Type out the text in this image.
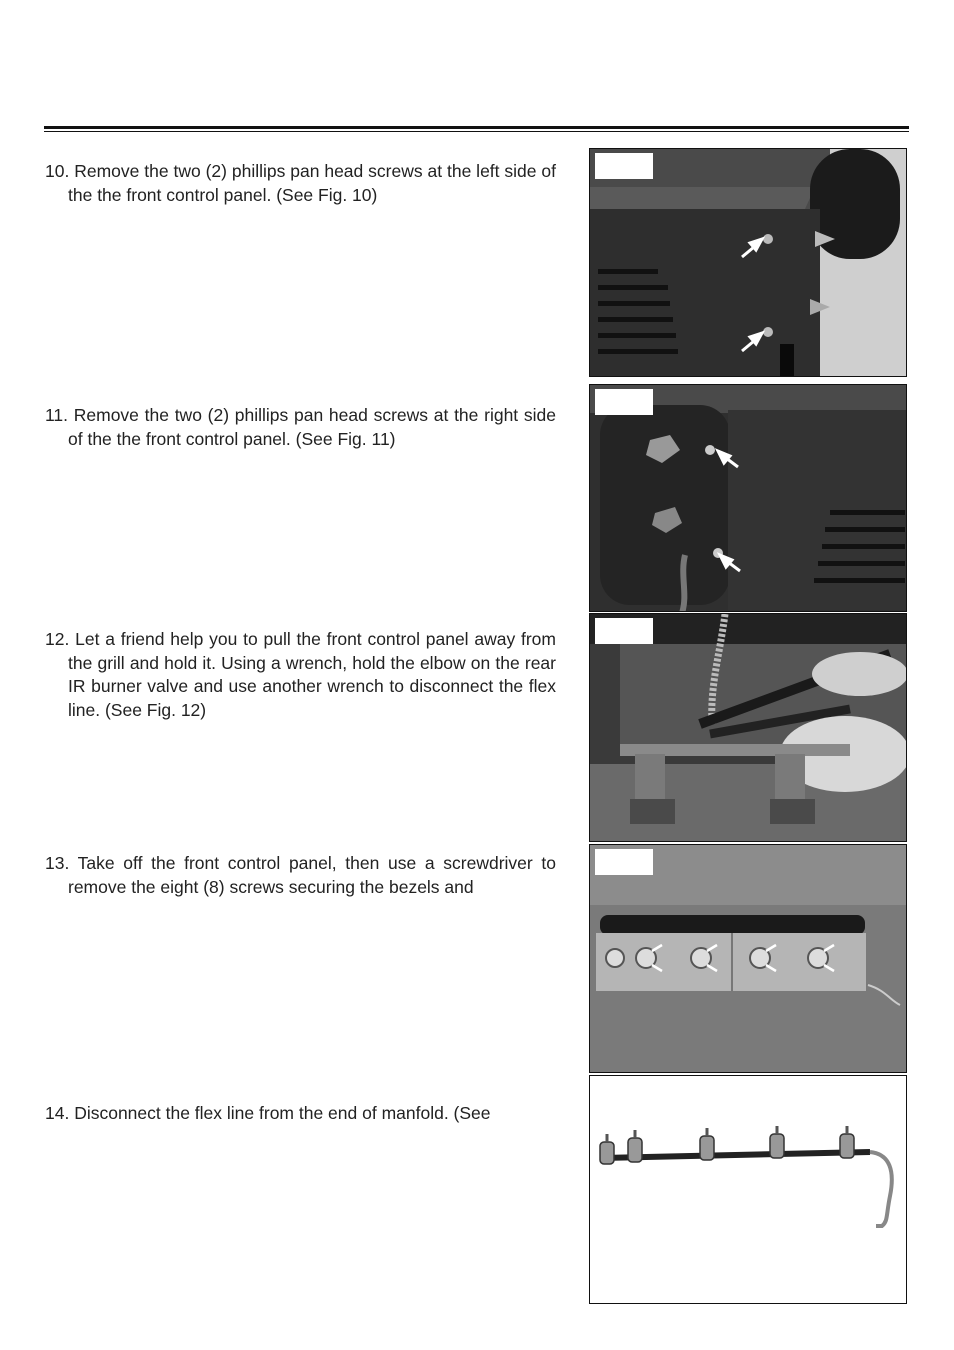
10. Remove the two (2) phillips pan head screws at the left side of the the front control panel. (See Fig. 10)
11. Remove the two (2) phillips pan head screws at the right side of the the front control panel. (See Fig. 11)
12. Let a friend help you to pull the front control panel away from the grill and hold it. Using a wrench, hold the elbow on the rear IR burner valve and use another wrench to disconnect the flex line. (See Fig. 12)
13. Take off the front control panel, then use a screwdriver to remove the eight (8) screws securing the bezels and
14. Disconnect the flex line from the end of manfold. (See
